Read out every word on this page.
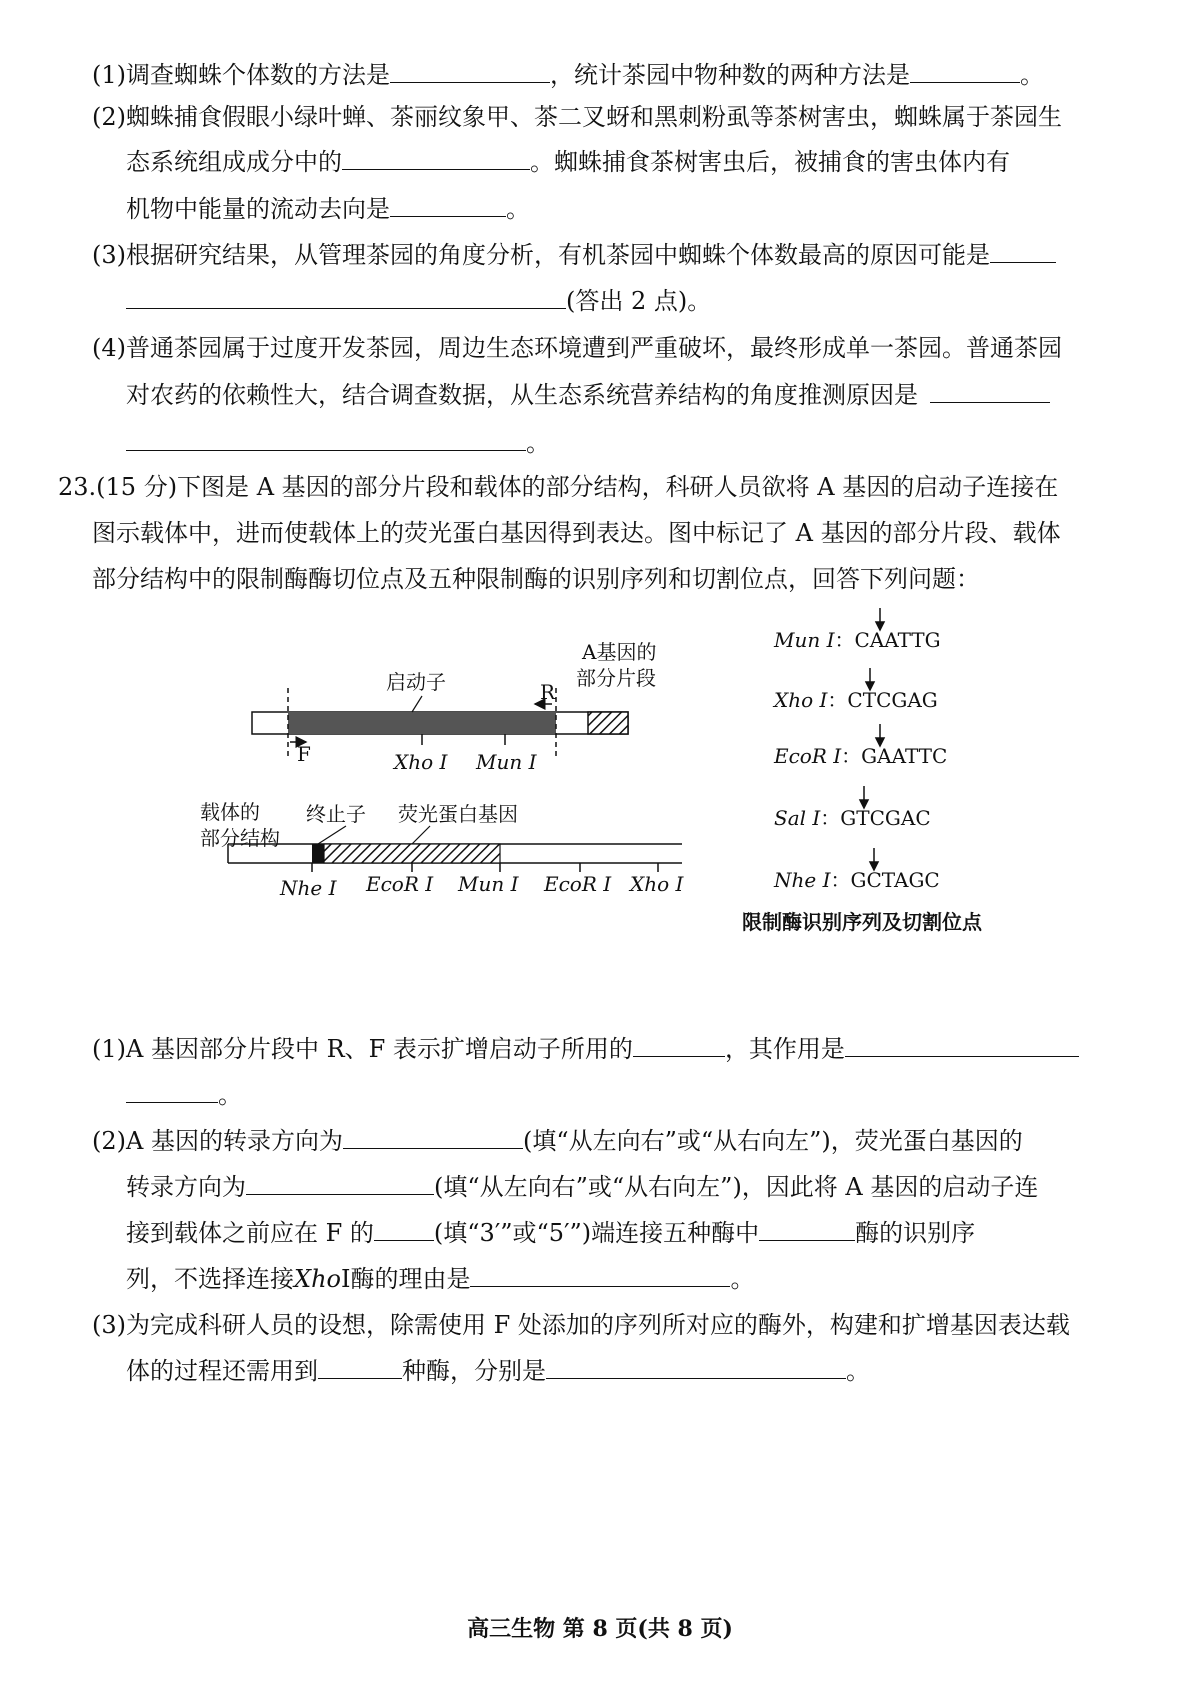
(1)调查蜘蛛个体数的方法是	，统计茶园中物种数的两种方法是	。
(2)蜘蛛捕食假眼小绿叶蝉、茶丽纹象甲、茶二叉蚜和黑刺粉虱等茶树害虫，蜘蛛属于茶园生
态系统组成成分中的	。蜘蛛捕食茶树害虫后，被捕食的害虫体内有
机物中能量的流动去向是	。
(3)根据研究结果，从管理茶园的角度分析，有机茶园中蜘蛛个体数最高的原因可能是
(答出 2 点)。
(4)普通茶园属于过度开发茶园，周边生态环境遭到严重破坏，最终形成单一茶园。普通茶园
对农药的依赖性大，结合调查数据，从生态系统营养结构的角度推测原因是
。
23.(15 分)下图是 A 基因的部分片段和载体的部分结构，科研人员欲将 A 基因的启动子连接在
图示载体中，进而使载体上的荧光蛋白基因得到表达。图中标记了 A 基因的部分片段、载体
部分结构中的限制酶酶切位点及五种限制酶的识别序列和切割位点，回答下列问题：
启动子
A基因的
部分片段
R
F	Xho Ⅰ Mun Ⅰ
载体的
部分结构
终止子 荧光蛋白基因
Nhe Ⅰ EcoR Ⅰ Mun Ⅰ EcoR Ⅰ Xho Ⅰ
Mun Ⅰ：CAATTG
Xho Ⅰ：CTCGAG
EcoR Ⅰ：GAATTC
Sal Ⅰ：GTCGAC
Nhe Ⅰ：GCTAGC
限制酶识别序列及切割位点
(1)A 基因部分片段中 R、F 表示扩增启动子所用的	，其作用是
。
(2)A 基因的转录方向为	(填“从左向右”或“从右向左”)，荧光蛋白基因的
转录方向为	(填“从左向右”或“从右向左”)，因此将 A 基因的启动子连
接到载体之前应在 F 的	(填“3′”或“5′”)端连接五种酶中	酶的识别序
列，不选择连接XhoⅠ酶的理由是	。
(3)为完成科研人员的设想，除需使用 F 处添加的序列所对应的酶外，构建和扩增基因表达载
体的过程还需用到	种酶，分别是	。
高三生物 第 8 页(共 8 页)
